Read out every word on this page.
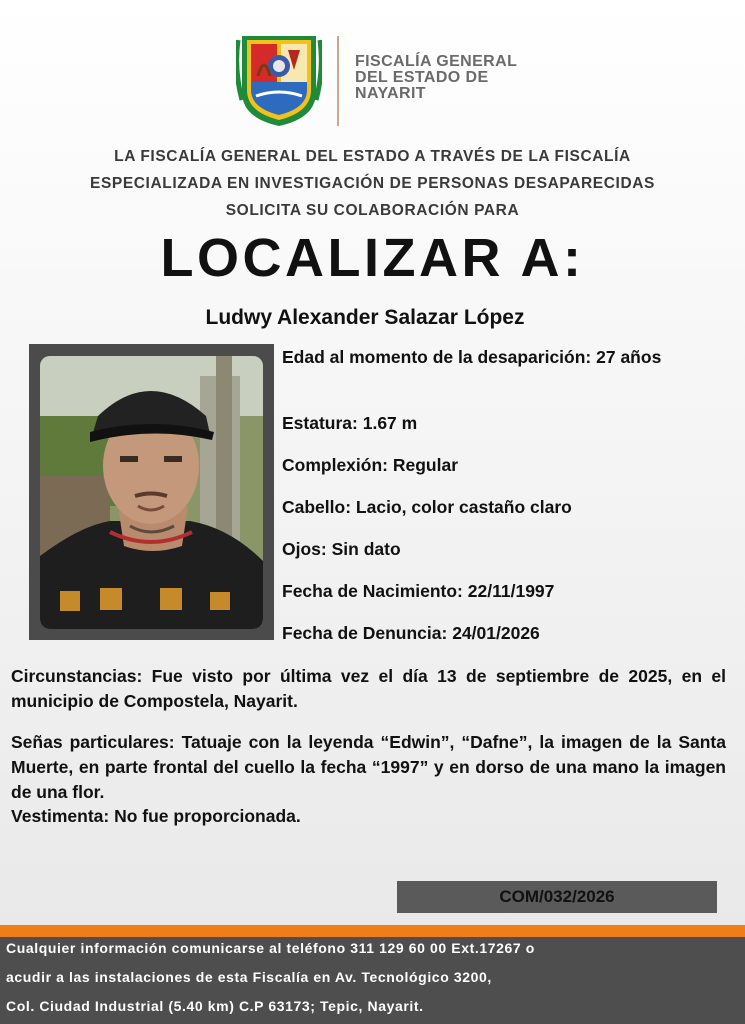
FISCALÍA GENERAL
DEL ESTADO DE
NAYARIT
LA FISCALÍA GENERAL DEL ESTADO A TRAVÉS DE LA FISCALÍA
ESPECIALIZADA EN INVESTIGACIÓN DE PERSONAS DESAPARECIDAS
SOLICITA SU COLABORACIÓN PARA
LOCALIZAR A:
Ludwy Alexander Salazar López
Edad al momento de la desaparición: 27 años
Estatura: 1.67 m
Complexión: Regular
Cabello: Lacio, color castaño claro
Ojos: Sin dato
Fecha de Nacimiento: 22/11/1997
Fecha de Denuncia: 24/01/2026
Circunstancias: Fue visto por última vez el día 13 de septiembre de 2025, en el municipio de Compostela, Nayarit.
Señas particulares: Tatuaje con la leyenda “Edwin”, “Dafne”, la imagen de la Santa Muerte, en parte frontal del cuello la fecha “1997” y en dorso de una mano la imagen de una flor.
Vestimenta: No fue proporcionada.
COM/032/2026
Cualquier información comunicarse al teléfono 311 129 60 00 Ext.17267 o
acudir a las instalaciones de esta Fiscalía en Av. Tecnológico 3200,
Col. Ciudad Industrial (5.40 km) C.P 63173; Tepic, Nayarit.
